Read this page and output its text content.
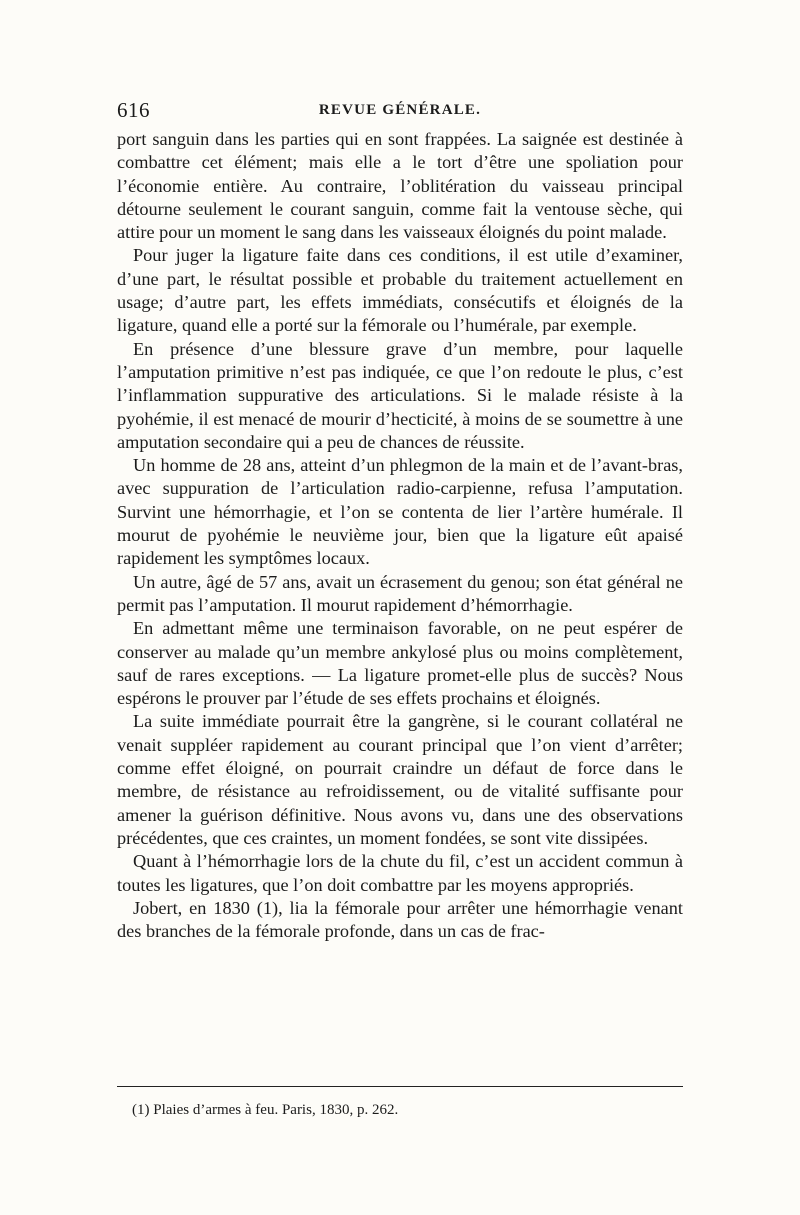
616	REVUE GÉNÉRALE.

port sanguin dans les parties qui en sont frappées. La saignée est destinée à combattre cet élément; mais elle a le tort d’être une spoliation pour l’économie entière. Au contraire, l’oblitération du vaisseau principal détourne seulement le courant sanguin, comme fait la ventouse sèche, qui attire pour un moment le sang dans les vaisseaux éloignés du point malade.

Pour juger la ligature faite dans ces conditions, il est utile d’examiner, d’une part, le résultat possible et probable du traitement actuellement en usage; d’autre part, les effets immédiats, consécutifs et éloignés de la ligature, quand elle a porté sur la fémorale ou l’humérale, par exemple.

En présence d’une blessure grave d’un membre, pour laquelle l’amputation primitive n’est pas indiquée, ce que l’on redoute le plus, c’est l’inflammation suppurative des articulations. Si le malade résiste à la pyohémie, il est menacé de mourir d’hecticité, à moins de se soumettre à une amputation secondaire qui a peu de chances de réussite.

Un homme de 28 ans, atteint d’un phlegmon de la main et de l’avant-bras, avec suppuration de l’articulation radio-carpienne, refusa l’amputation. Survint une hémorrhagie, et l’on se contenta de lier l’artère humérale. Il mourut de pyohémie le neuvième jour, bien que la ligature eût apaisé rapidement les symptômes locaux.

Un autre, âgé de 57 ans, avait un écrasement du genou; son état général ne permit pas l’amputation. Il mourut rapidement d’hémorrhagie.

En admettant même une terminaison favorable, on ne peut espérer de conserver au malade qu’un membre ankylosé plus ou moins complètement, sauf de rares exceptions. — La ligature promet-elle plus de succès? Nous espérons le prouver par l’étude de ses effets prochains et éloignés.

La suite immédiate pourrait être la gangrène, si le courant collatéral ne venait suppléer rapidement au courant principal que l’on vient d’arrêter; comme effet éloigné, on pourrait craindre un défaut de force dans le membre, de résistance au refroidissement, ou de vitalité suffisante pour amener la guérison définitive. Nous avons vu, dans une des observations précédentes, que ces craintes, un moment fondées, se sont vite dissipées.

Quant à l’hémorrhagie lors de la chute du fil, c’est un accident commun à toutes les ligatures, que l’on doit combattre par les moyens appropriés.

Jobert, en 1830 (1), lia la fémorale pour arrêter une hémorrhagie venant des branches de la fémorale profonde, dans un cas de frac-

(1) Plaies d’armes à feu. Paris, 1830, p. 262.
